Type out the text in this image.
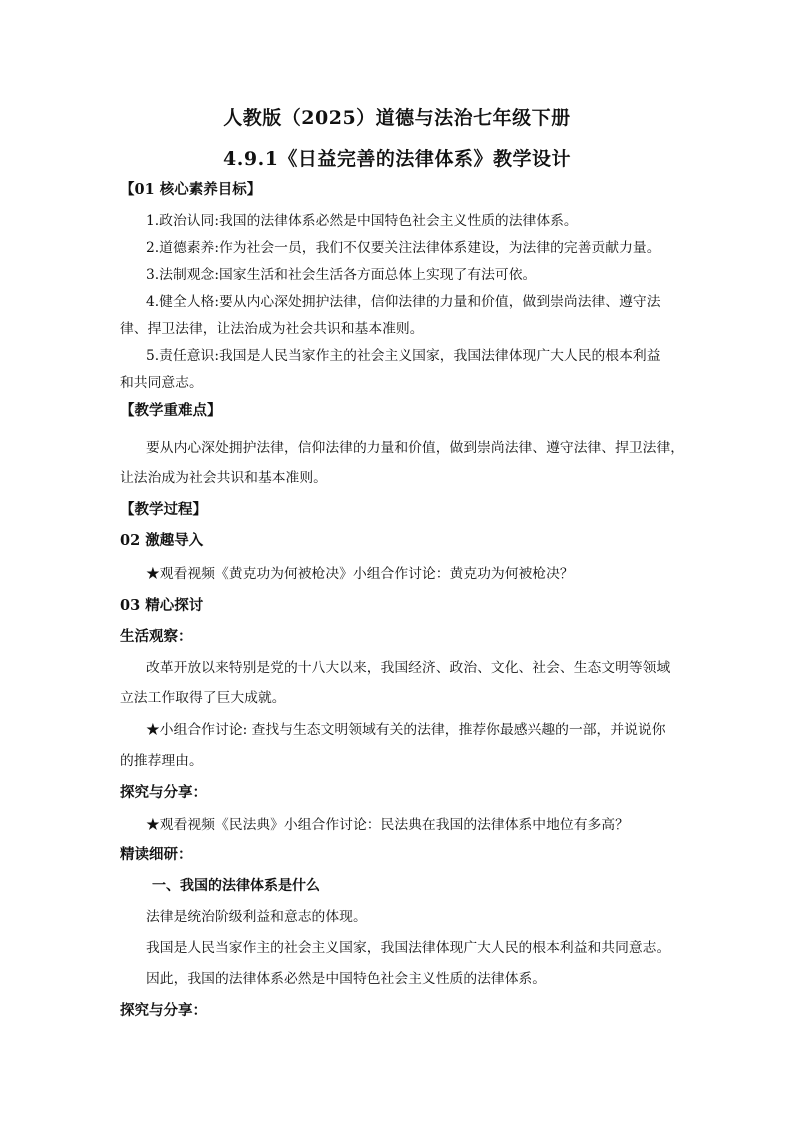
人教版（2025）道德与法治七年级下册
4.9.1《日益完善的法律体系》教学设计
【01 核心素养目标】
1.政治认同:我国的法律体系必然是中国特色社会主义性质的法律体系。
2.道德素养:作为社会一员，我们不仅要关注法律体系建设，为法律的完善贡献力量。
3.法制观念:国家生活和社会生活各方面总体上实现了有法可依。
4.健全人格:要从内心深处拥护法律，信仰法律的力量和价值，做到崇尚法律、遵守法
律、捍卫法律，让法治成为社会共识和基本准则。
5.责任意识:我国是人民当家作主的社会主义国家，我国法律体现广大人民的根本利益
和共同意志。
【教学重难点】
要从内心深处拥护法律，信仰法律的力量和价值，做到崇尚法律、遵守法律、捍卫法律，
让法治成为社会共识和基本准则。
【教学过程】
02 激趣导入
★观看视频《黄克功为何被枪决》小组合作讨论：黄克功为何被枪决？
03 精心探讨
生活观察：
改革开放以来特别是党的十八大以来，我国经济、政治、文化、社会、生态文明等领域
立法工作取得了巨大成就。
★小组合作讨论: 查找与生态文明领域有关的法律，推荐你最感兴趣的一部，并说说你
的推荐理由。
探究与分享：
★观看视频《民法典》小组合作讨论：民法典在我国的法律体系中地位有多高？
精读细研：
一、我国的法律体系是什么
法律是统治阶级利益和意志的体现。
我国是人民当家作主的社会主义国家，我国法律体现广大人民的根本利益和共同意志。
因此，我国的法律体系必然是中国特色社会主义性质的法律体系。
探究与分享：
